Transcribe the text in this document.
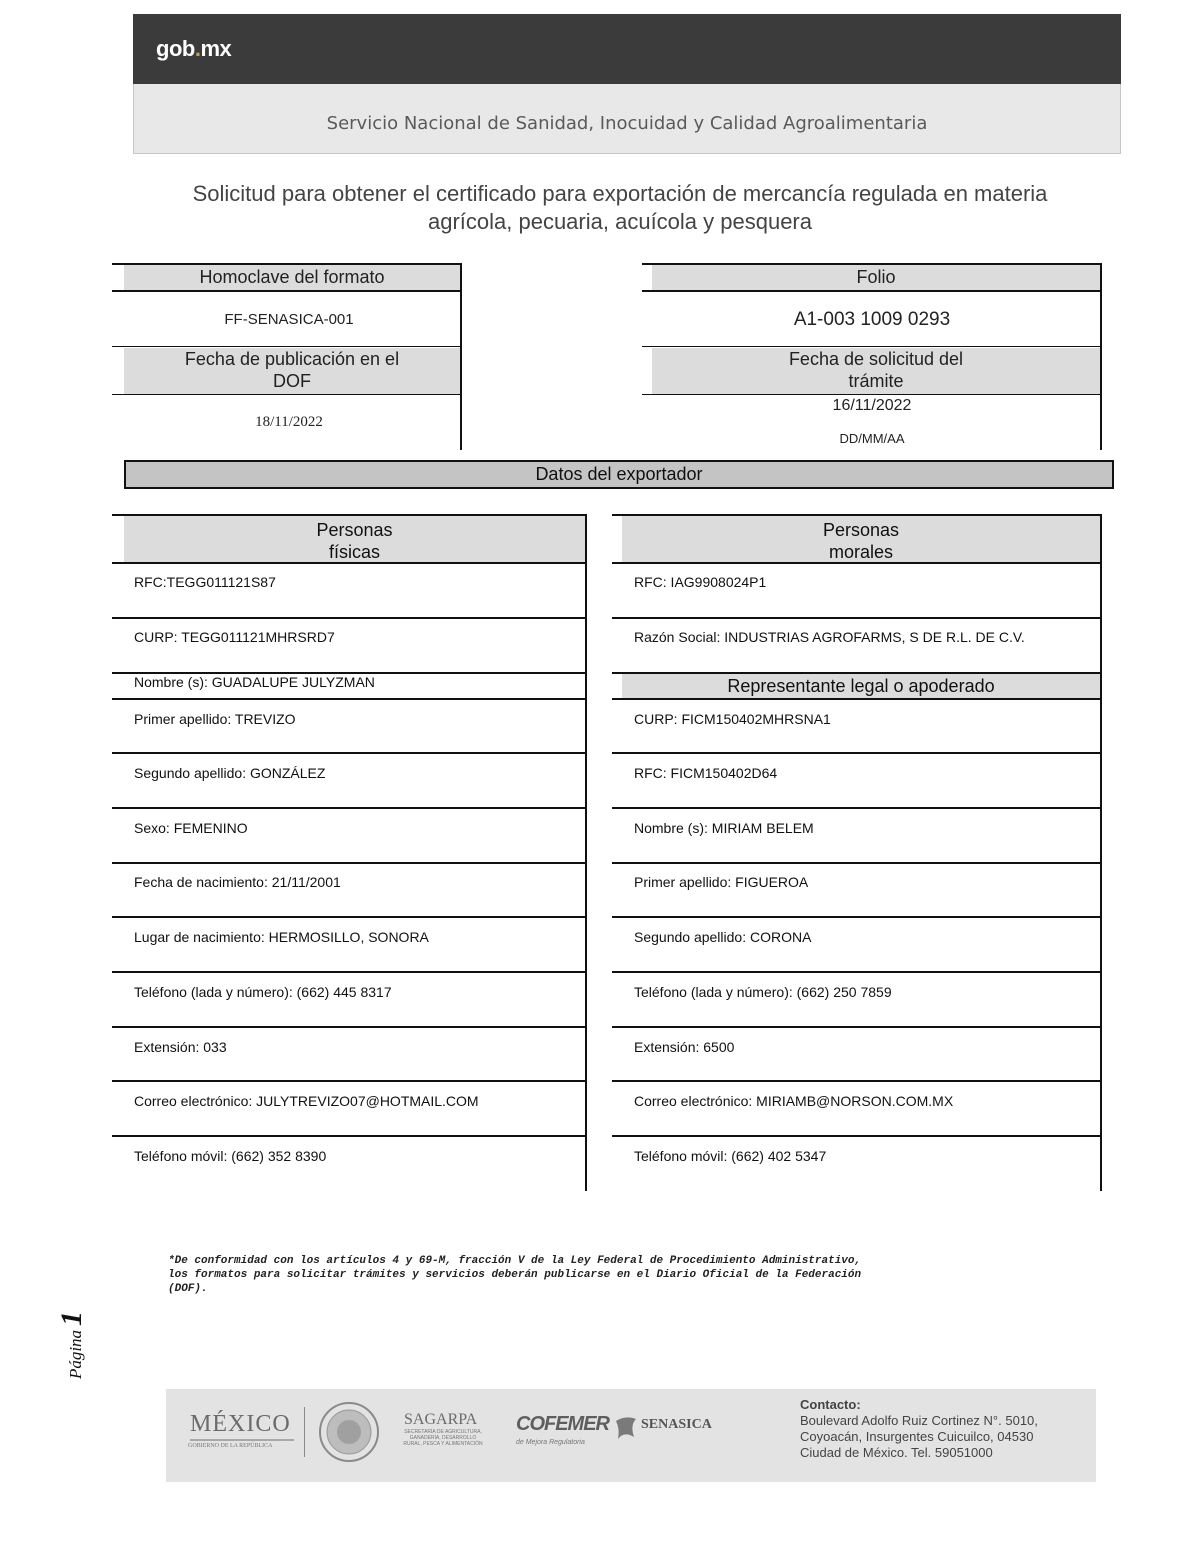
gob.mx
Servicio Nacional de Sanidad, Inocuidad y Calidad Agroalimentaria
Solicitud para obtener el certificado para exportación de mercancía regulada en materia
agrícola, pecuaria, acuícola y pesquera
Homoclave del formato
FF-SENASICA-001
Fecha de publicación en el
DOF
18/11/2022
Folio
A1-003 1009 0293
Fecha de solicitud del
trámite
16/11/2022
DD/MM/AA
Datos del exportador
Personas
físicas
RFC:TEGG011121S87
CURP: TEGG011121MHRSRD7
Nombre (s): GUADALUPE JULYZMAN
Primer apellido: TREVIZO
Segundo apellido: GONZÁLEZ
Sexo: FEMENINO
Fecha de nacimiento: 21/11/2001
Lugar de nacimiento: HERMOSILLO, SONORA
Teléfono (lada y número): (662) 445 8317
Extensión: 033
Correo electrónico: JULYTREVIZO07@HOTMAIL.COM
Teléfono móvil: (662) 352 8390
Personas
morales
RFC: IAG9908024P1
Razón Social: INDUSTRIAS AGROFARMS, S DE R.L. DE C.V.
Representante legal o apoderado
CURP: FICM150402MHRSNA1
RFC: FICM150402D64
Nombre (s): MIRIAM BELEM
Primer apellido: FIGUEROA
Segundo apellido: CORONA
Teléfono (lada y número): (662) 250 7859
Extensión: 6500
Correo electrónico: MIRIAMB@NORSON.COM.MX
Teléfono móvil: (662) 402 5347
*De conformidad con los artículos 4 y 69-M, fracción V de la Ley Federal de Procedimiento Administrativo,
los formatos para solicitar trámites y servicios deberán publicarse en el Diario Oficial de la Federación
(DOF).
Página 1
MÉXICO
GOBIERNO DE LA REPÚBLICA
SAGARPA
SECRETARÍA DE AGRICULTURA, GANADERÍA, DESARROLLO RURAL, PESCA Y ALIMENTACIÓN
COFEMER
de Mejora Regulatoria
SENASICA
Contacto:
Boulevard Adolfo Ruiz Cortinez N°. 5010,
Coyoacán, Insurgentes Cuicuilco, 04530
Ciudad de México. Tel. 59051000
